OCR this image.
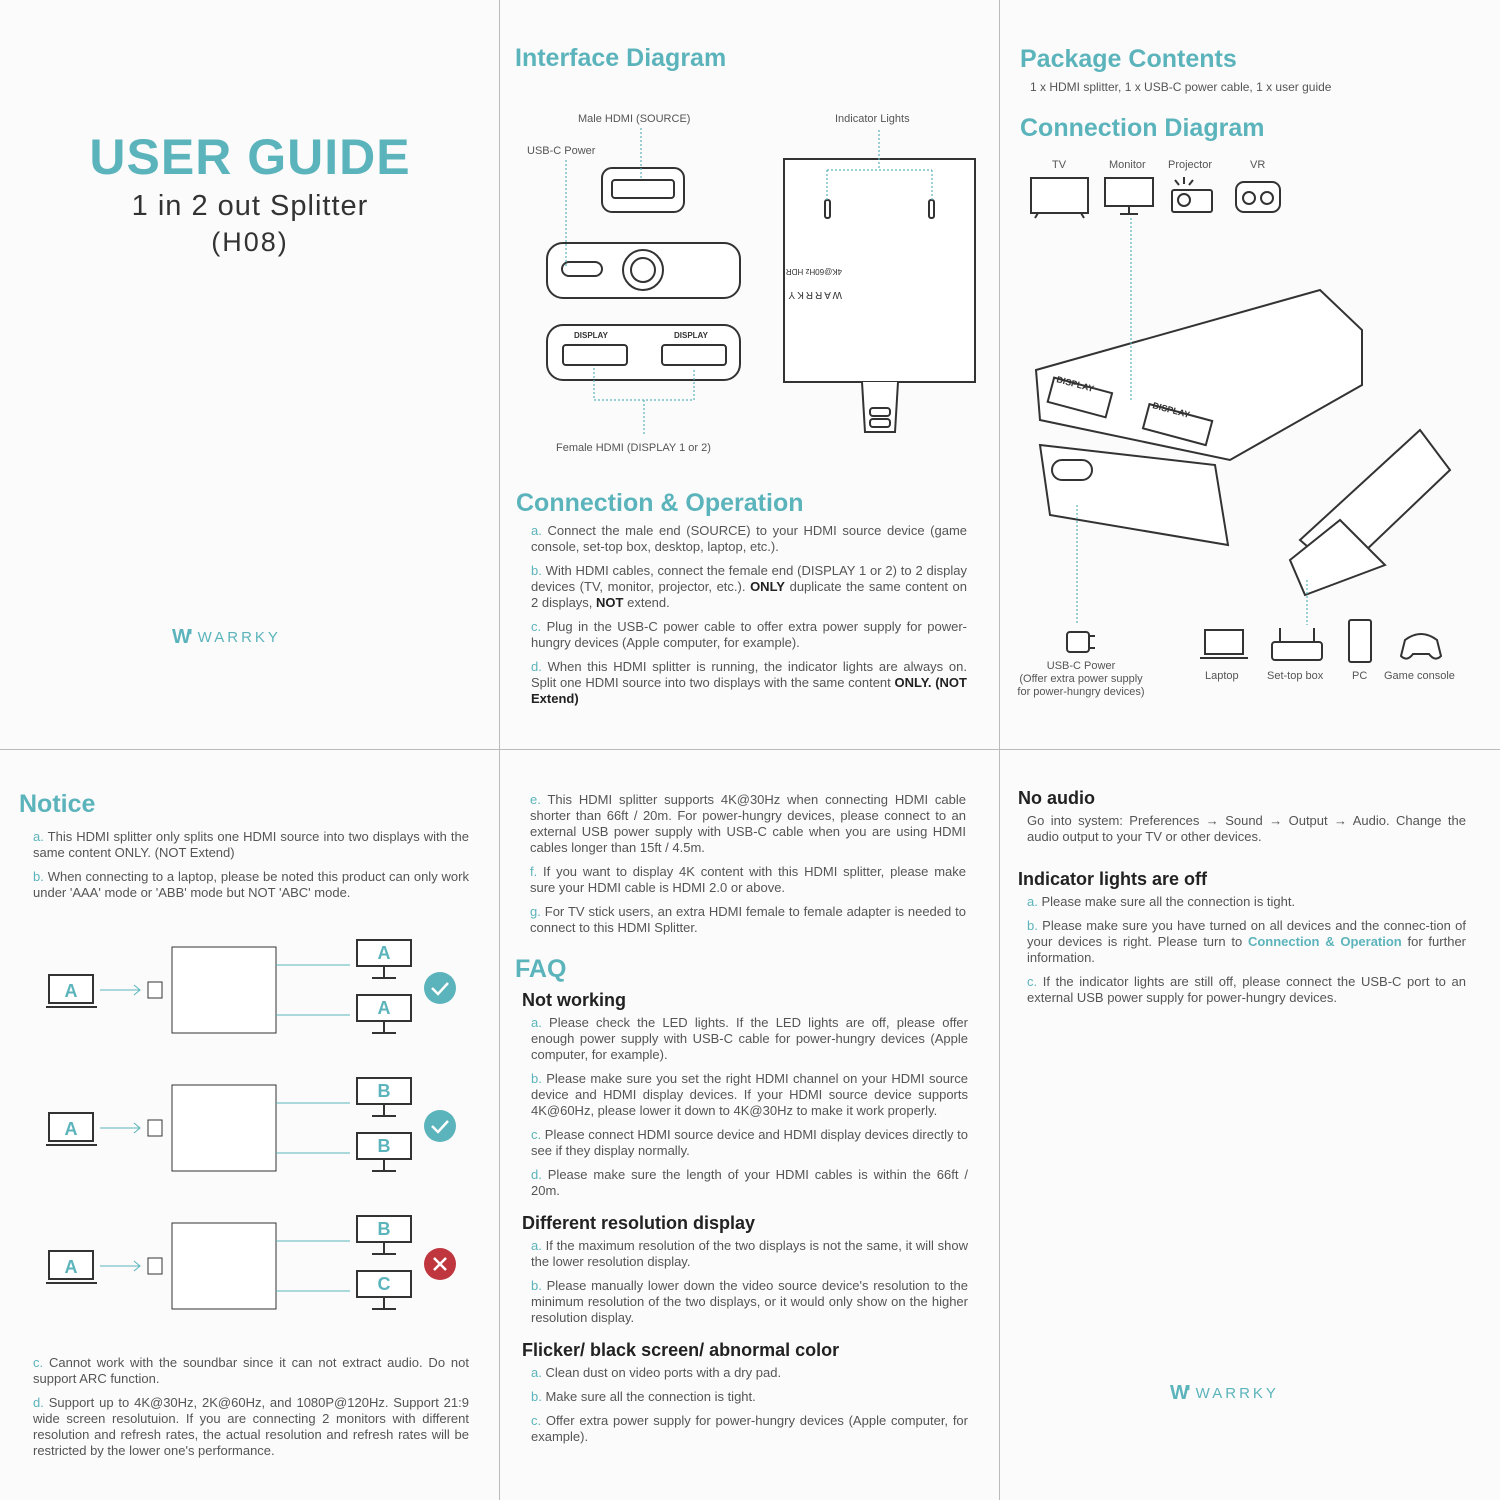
USER GUIDE
1 in 2 out Splitter
(H08)
W' WARRKY
Interface Diagram
Male HDMI (SOURCE)
USB-C Power
Indicator Lights
Female HDMI (DISPLAY 1 or 2)
DISPLAY	DISPLAY
4K@60Hz HDR
WARRKY
Connection & Operation
a. Connect the male end (SOURCE) to your HDMI source device (game console, set-top box, desktop, laptop, etc.).
b. With HDMI cables, connect the female end (DISPLAY 1 or 2) to 2 display devices (TV, monitor, projector, etc.). ONLY duplicate the same content on 2 displays, NOT extend.
c. Plug in the USB-C power cable to offer extra power supply for power-hungry devices (Apple computer, for example).
d. When this HDMI splitter is running, the indicator lights are always on. Split one HDMI source into two displays with the same content ONLY. (NOT Extend)
Package Contents
1 x HDMI splitter, 1 x USB-C power cable, 1 x user guide
Connection Diagram
TV	Monitor Projector	VR
DISPLAY
DISPLAY
USB-C Power
(Offer extra power supply
for power-hungry devices)
Laptop	Set-top box	PC Game console
Notice
a. This HDMI splitter only splits one HDMI source into two displays with the same content ONLY. (NOT Extend)
b. When connecting to a laptop, please be noted this product can only work under 'AAA' mode or 'ABB' mode but NOT 'ABC' mode.
c. Cannot work with the soundbar since it can not extract audio. Do not support ARC function.
d. Support up to 4K@30Hz, 2K@60Hz, and 1080P@120Hz. Support 21:9 wide screen resolutuion. If you are connecting 2 monitors with different resolution and refresh rates, the actual resolution and refresh rates will be restricted by the lower one's performance.
A
A
A
A
B
B
A
B
C
e. This HDMI splitter supports 4K@30Hz when connecting HDMI cable shorter than 66ft / 20m. For power-hungry devices, please connect to an external USB power supply with USB-C cable when you are using HDMI cables longer than 15ft / 4.5m.
f. If you want to display 4K content with this HDMI splitter, please make sure your HDMI cable is HDMI 2.0 or above.
g. For TV stick users, an extra HDMI female to female adapter is needed to connect to this HDMI Splitter.
FAQ
Not working
a. Please check the LED lights. If the LED lights are off, please offer enough power supply with USB-C cable for power-hungry devices (Apple computer, for example).
b. Please make sure you set the right HDMI channel on your HDMI source device and HDMI display devices. If your HDMI source device supports 4K@60Hz, please lower it down to 4K@30Hz to make it work properly.
c. Please connect HDMI source device and HDMI display devices directly to see if they display normally.
d. Please make sure the length of your HDMI cables is within the 66ft / 20m.
Different resolution display
a. If the maximum resolution of the two displays is not the same, it will show the lower resolution display.
b. Please manually lower down the video source device's resolution to the minimum resolution of the two displays, or it would only show on the higher resolution display.
Flicker/ black screen/ abnormal color
a. Clean dust on video ports with a dry pad.
b. Make sure all the connection is tight.
c. Offer extra power supply for power-hungry devices (Apple computer, for example).
No audio
Go into system: Preferences → Sound → Output → Audio. Change the audio output to your TV or other devices.
Indicator lights are off
a. Please make sure all the connection is tight.
b. Please make sure you have turned on all devices and the connec-tion of your devices is right. Please turn to Connection & Operation for further information.
c. If the indicator lights are still off, please connect the USB-C port to an external USB power supply for power-hungry devices.
W' WARRKY
